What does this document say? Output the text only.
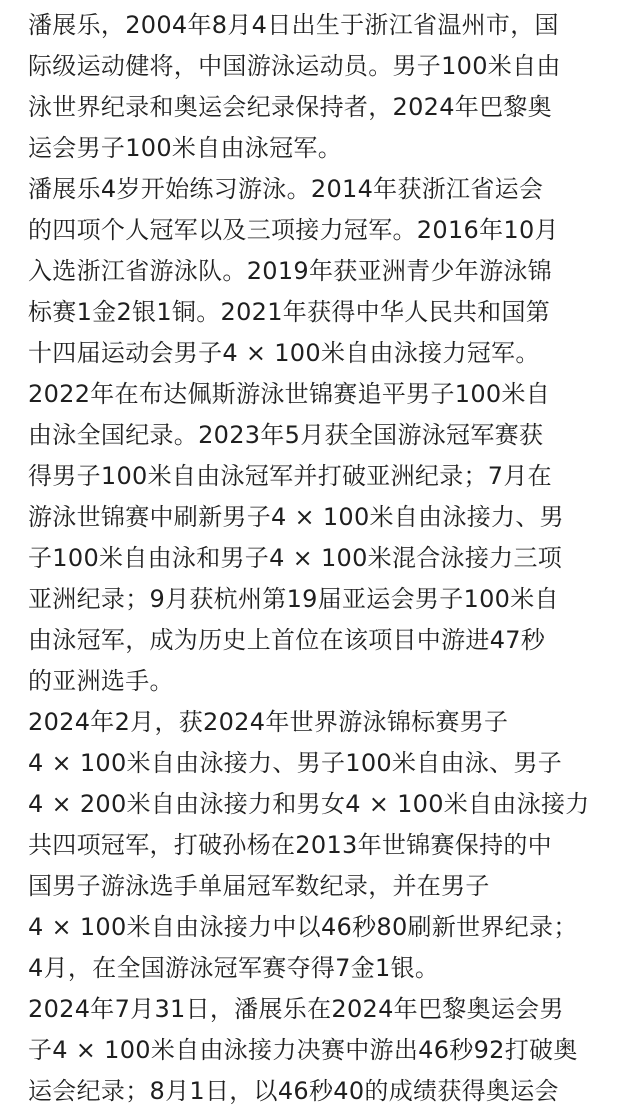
潘展乐，2004年8月4日出生于浙江省温州市，国
际级运动健将，中国游泳运动员。男子100米自由
泳世界纪录和奥运会纪录保持者，2024年巴黎奥
运会男子100米自由泳冠军。

潘展乐4岁开始练习游泳。2014年获浙江省运会
的四项个人冠军以及三项接力冠军。2016年10月
入选浙江省游泳队。2019年获亚洲青少年游泳锦
标赛1金2银1铜。2021年获得中华人民共和国第
十四届运动会男子4 × 100米自由泳接力冠军。

2022年在布达佩斯游泳世锦赛追平男子100米自
由泳全国纪录。2023年5月获全国游泳冠军赛获
得男子100米自由泳冠军并打破亚洲纪录；7月在
游泳世锦赛中刷新男子4 × 100米自由泳接力、男
子100米自由泳和男子4 × 100米混合泳接力三项
亚洲纪录；9月获杭州第19届亚运会男子100米自
由泳冠军，成为历史上首位在该项目中游进47秒
的亚洲选手。

2024年2月，获2024年世界游泳锦标赛男子
4 × 100米自由泳接力、男子100米自由泳、男子
4 × 200米自由泳接力和男女4 × 100米自由泳接力
共四项冠军，打破孙杨在2013年世锦赛保持的中
国男子游泳选手单届冠军数纪录，并在男子
4 × 100米自由泳接力中以46秒80刷新世界纪录；
4月，在全国游泳冠军赛夺得7金1银。

2024年7月31日，潘展乐在2024年巴黎奥运会男
子4 × 100米自由泳接力决赛中游出46秒92打破奥
运会纪录；8月1日，以46秒40的成绩获得奥运会
